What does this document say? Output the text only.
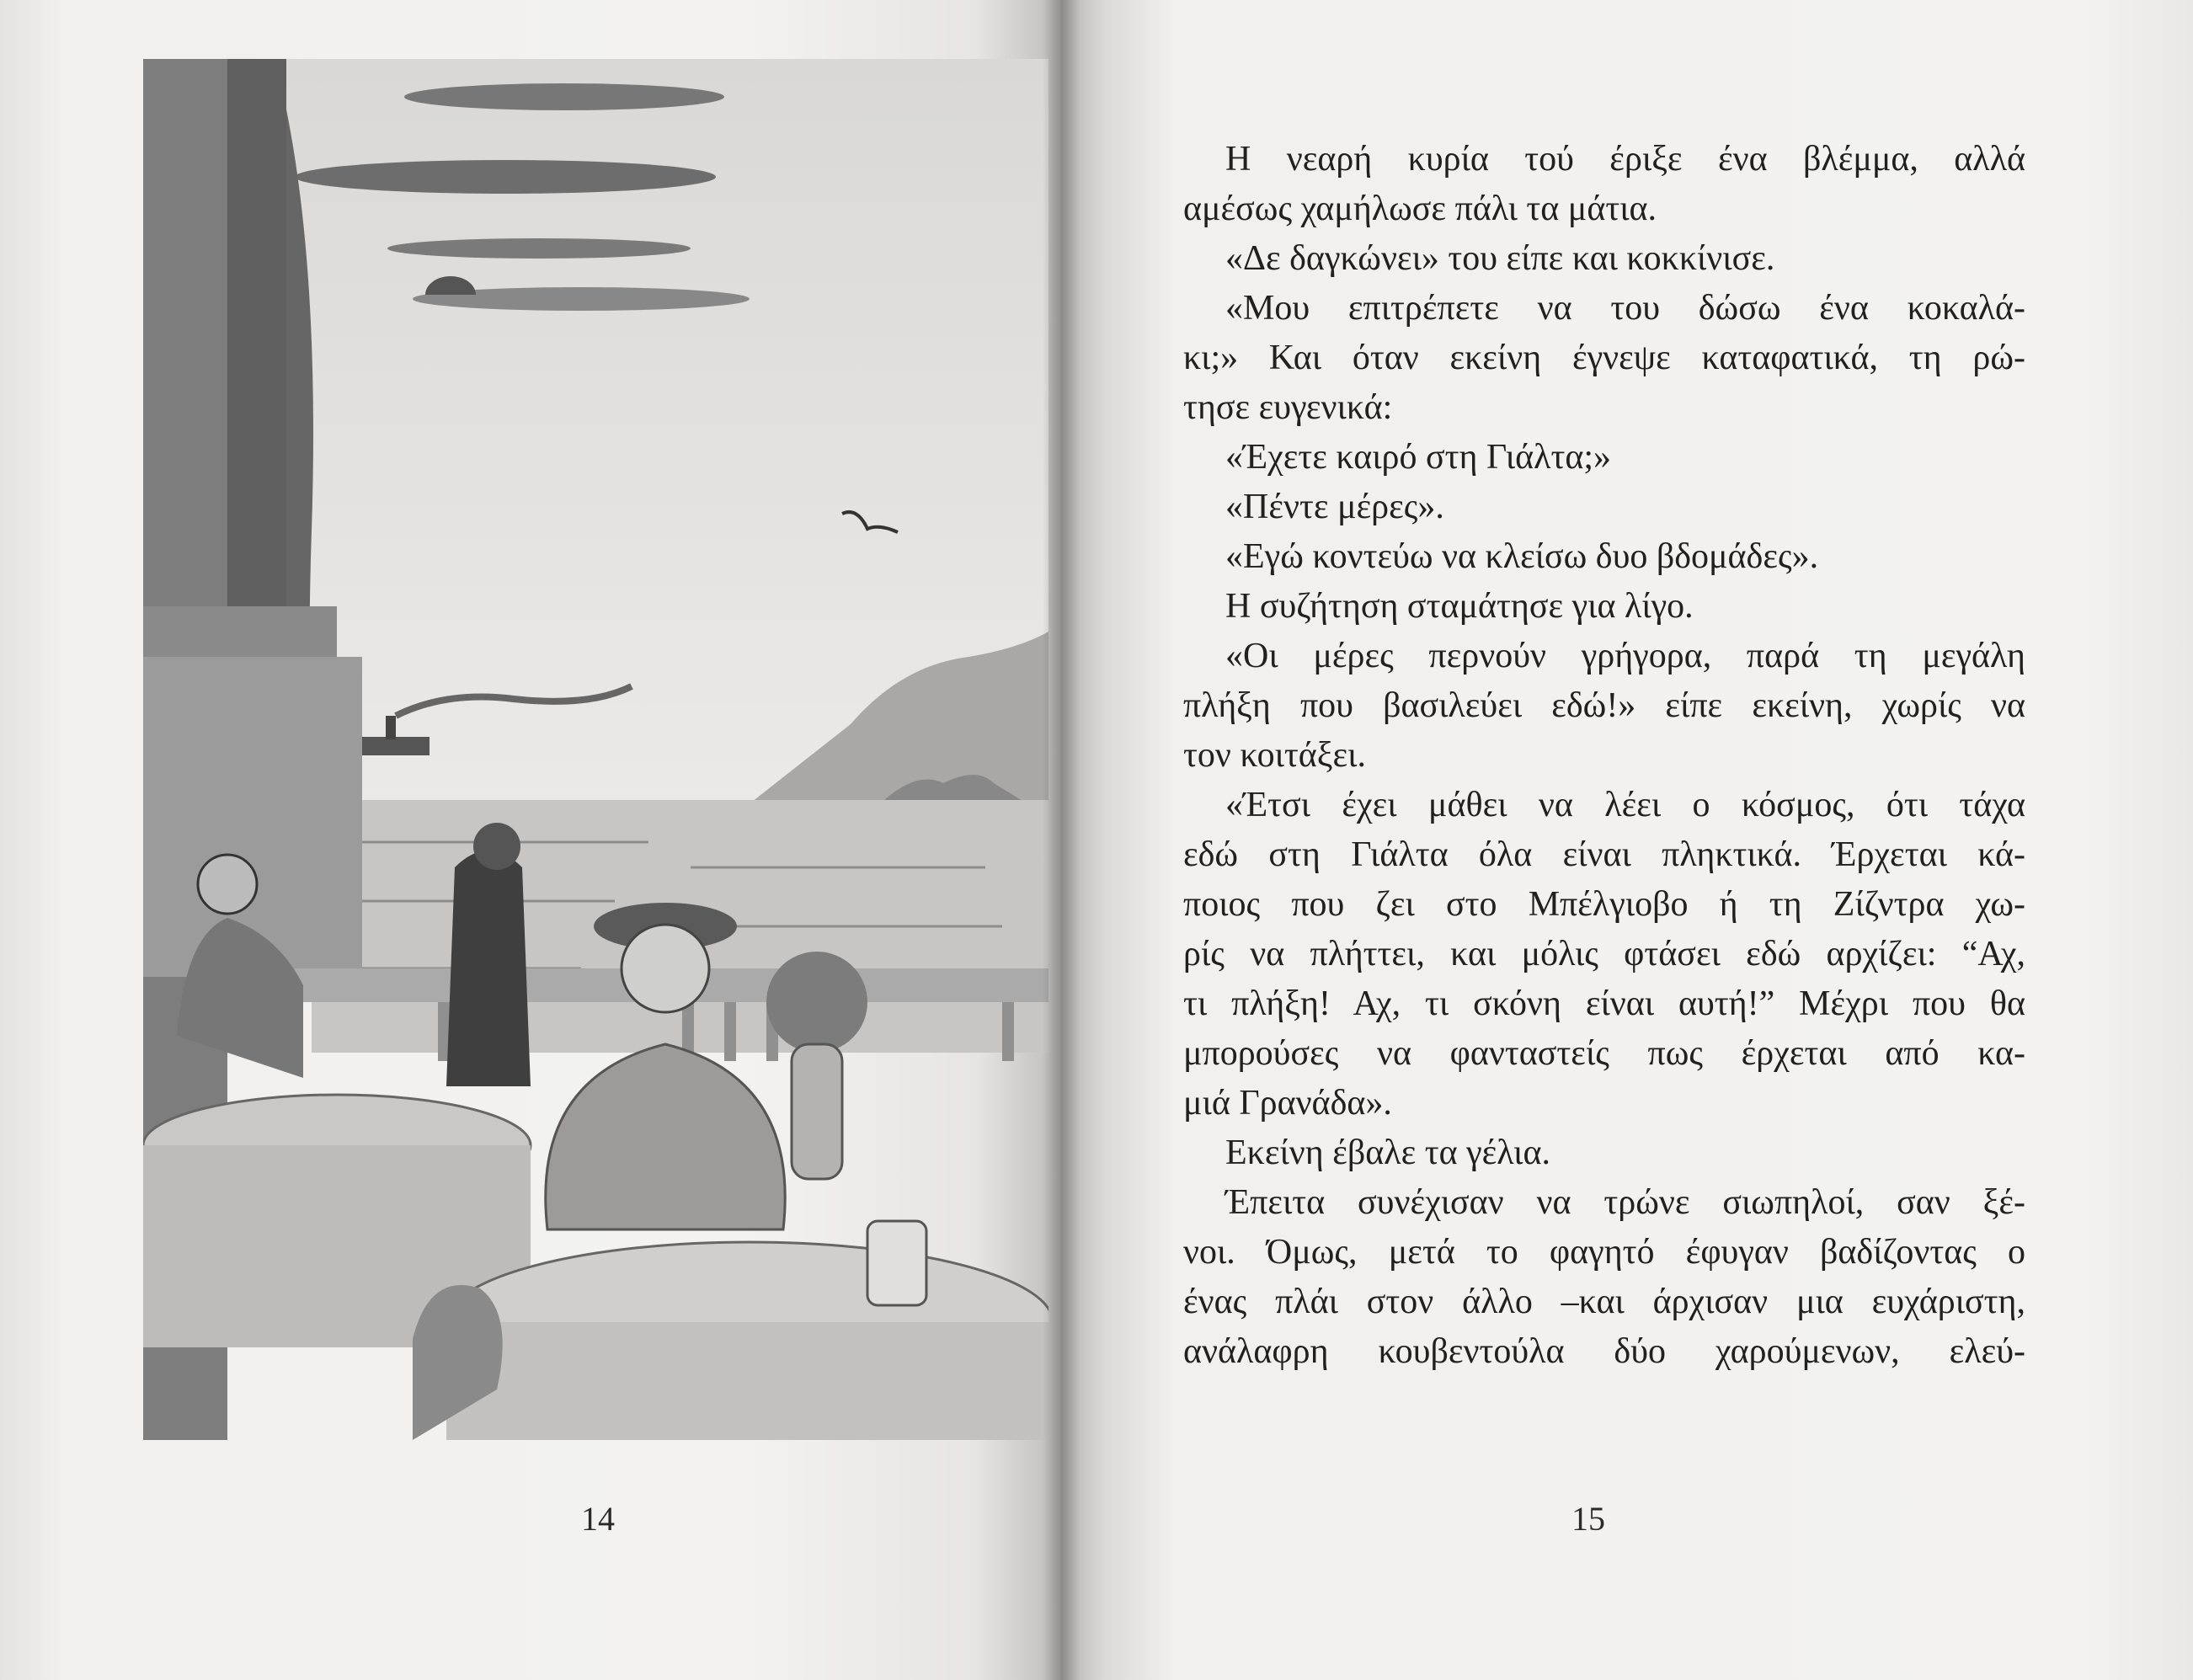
14
Η νεαρή κυρία τού έριξε ένα βλέμμα, αλλά
αμέσως χαμήλωσε πάλι τα μάτια.
«Δε δαγκώνει» του είπε και κοκκίνισε.
«Μου επιτρέπετε να του δώσω ένα κοκαλά-
κι;» Και όταν εκείνη έγνεψε καταφατικά, τη ρώ-
τησε ευγενικά:
«Έχετε καιρό στη Γιάλτα;»
«Πέντε μέρες».
«Εγώ κοντεύω να κλείσω δυο βδομάδες».
Η συζήτηση σταμάτησε για λίγο.
«Οι μέρες περνούν γρήγορα, παρά τη μεγάλη
πλήξη που βασιλεύει εδώ!» είπε εκείνη, χωρίς να
τον κοιτάξει.
«Έτσι έχει μάθει να λέει ο κόσμος, ότι τάχα
εδώ στη Γιάλτα όλα είναι πληκτικά. Έρχεται κά-
ποιος που ζει στο Μπέλγιοβο ή τη Ζίζντρα χω-
ρίς να πλήττει, και μόλις φτάσει εδώ αρχίζει: “Αχ,
τι πλήξη! Αχ, τι σκόνη είναι αυτή!” Μέχρι που θα
μπορούσες να φανταστείς πως έρχεται από κα-
μιά Γρανάδα».
Εκείνη έβαλε τα γέλια.
Έπειτα συνέχισαν να τρώνε σιωπηλοί, σαν ξέ-
νοι. Όμως, μετά το φαγητό έφυγαν βαδίζοντας ο
ένας πλάι στον άλλο –και άρχισαν μια ευχάριστη,
ανάλαφρη κουβεντούλα δύο χαρούμενων, ελεύ-
15
